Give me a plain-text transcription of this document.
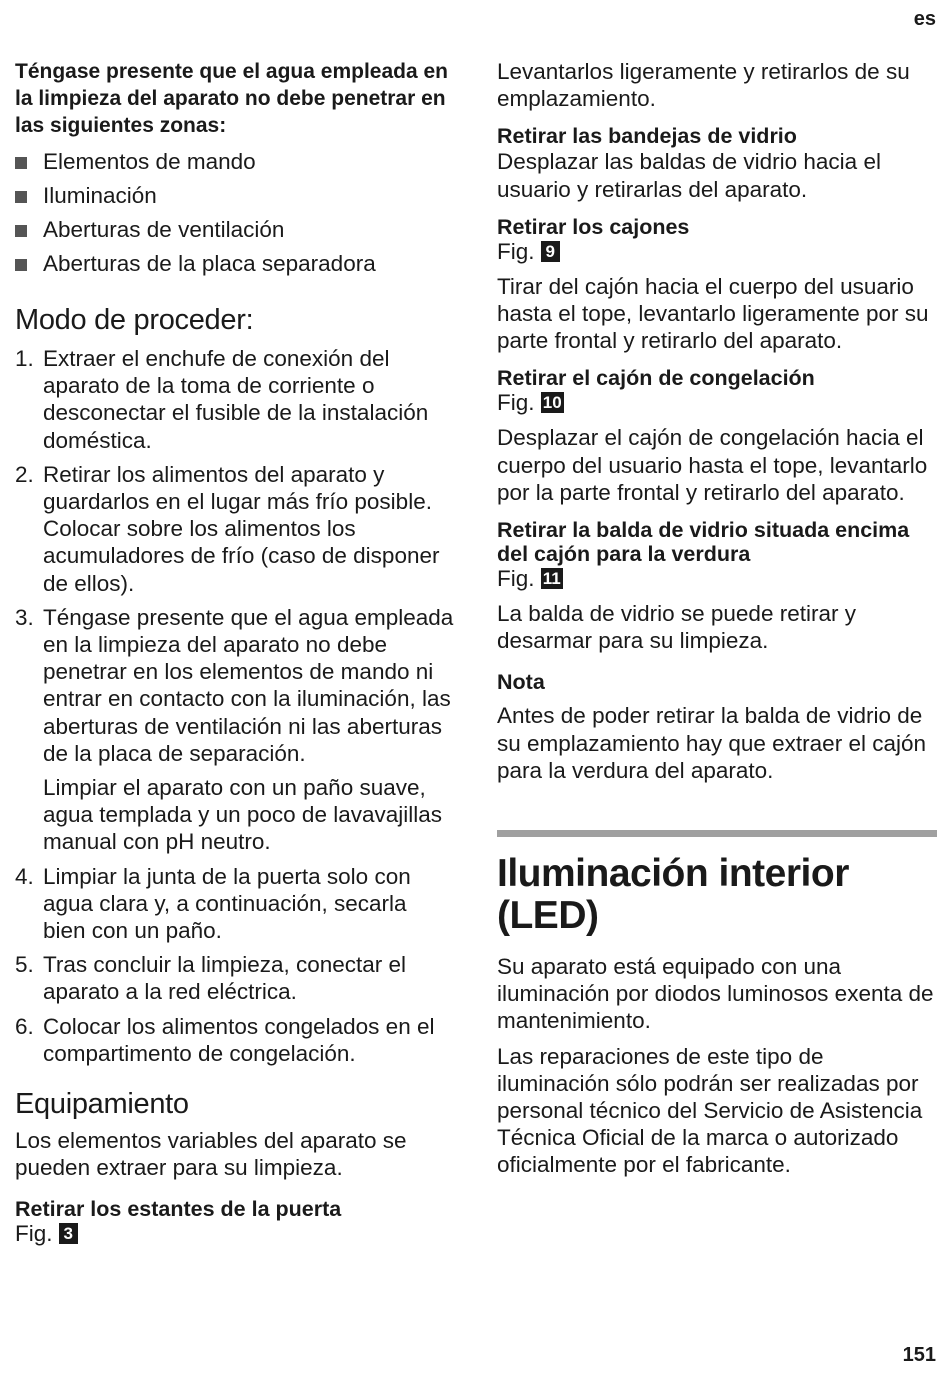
es

Téngase presente que el agua empleada en la limpieza del aparato no debe penetrar en las siguientes zonas:

Elementos de mando
Iluminación
Aberturas de ventilación
Aberturas de la placa separadora
Modo de proceder:
1. Extraer el enchufe de conexión del aparato de la toma de corriente o desconectar el fusible de la instalación doméstica.
2. Retirar los alimentos del aparato y guardarlos en el lugar más frío posible. Colocar sobre los alimentos los acumuladores de frío (caso de disponer de ellos).
3. Téngase presente que el agua empleada en la limpieza del aparato no debe penetrar en los elementos de mando ni entrar en contacto con la iluminación, las aberturas de ventilación ni las aberturas de la placa de separación.
Limpiar el aparato con un paño suave, agua templada y un poco de lavavajillas manual con pH neutro.
4. Limpiar la junta de la puerta solo con agua clara y, a continuación, secarla bien con un paño.
5. Tras concluir la limpieza, conectar el aparato a la red eléctrica.
6. Colocar los alimentos congelados en el compartimento de congelación.
Equipamiento

Los elementos variables del aparato se pueden extraer para su limpieza.

Retirar los estantes de la puerta

Fig. 3

Levantarlos ligeramente y retirarlos de su emplazamiento.

Retirar las bandejas de vidrio

Desplazar las baldas de vidrio hacia el usuario y retirarlas del aparato.

Retirar los cajones

Fig. 9

Tirar del cajón hacia el cuerpo del usuario hasta el tope, levantarlo ligeramente por su parte frontal y retirarlo del aparato.

Retirar el cajón de congelación

Fig. 10

Desplazar el cajón de congelación hacia el cuerpo del usuario hasta el tope, levantarlo por la parte frontal y retirarlo del aparato.

Retirar la balda de vidrio situada encima del cajón para la verdura

Fig. 11

La balda de vidrio se puede retirar y desarmar para su limpieza.

Nota

Antes de poder retirar la balda de vidrio de su emplazamiento hay que extraer el cajón para la verdura del aparato.

Iluminación interior (LED)

Su aparato está equipado con una iluminación por diodos luminosos exenta de mantenimiento.

Las reparaciones de este tipo de iluminación sólo podrán ser realizadas por personal técnico del Servicio de Asistencia Técnica Oficial de la marca o autorizado oficialmente por el fabricante.

151
